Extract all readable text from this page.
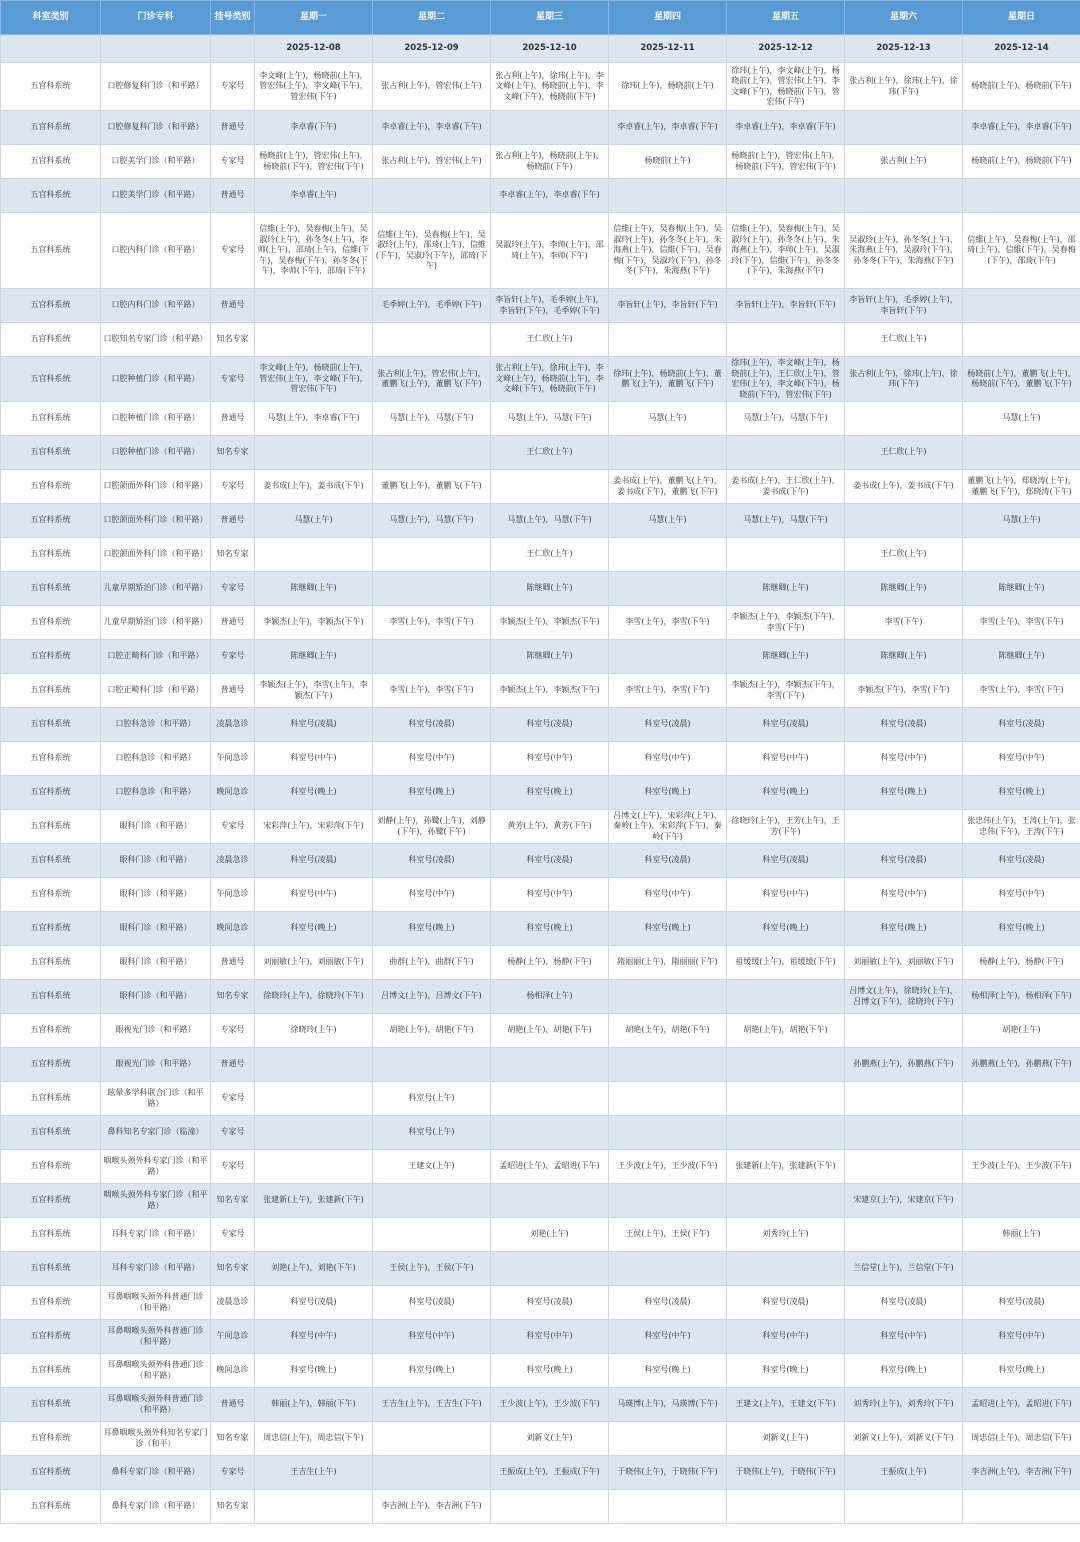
科室类别	门诊专科	挂号类别	星期一	星期二	星期三	星期四	星期五	星期六	星期日
			2025-12-08	2025-12-09	2025-12-10	2025-12-11	2025-12-12	2025-12-13	2025-12-14
五官科系统	口腔修复科门诊（和平路）	专家号	李文峰(上午)，杨晓前(上午)，管宏伟(上午)，李文峰(下午)，管宏伟(下午)	张占利(上午)，管宏伟(上午)	张占利(上午)，徐玮(上午)，李文峰(上午)，杨晓前(上午)，李文峰(下午)，杨晓前(下午)	徐玮(上午)，杨晓前(上午)	徐玮(上午)，李文峰(上午)，杨晓前(上午)，管宏伟(上午)，李文峰(下午)，杨晓前(下午)，管宏伟(下午)	张占利(上午)，徐玮(上午)，徐玮(下午)	杨晓前(上午)，杨晓前(下午)
五官科系统	口腔修复科门诊（和平路）	普通号	李卓睿(下午)	李卓睿(上午)，李卓睿(下午)		李卓睿(上午)，李卓睿(下午)	李卓睿(上午)，李卓睿(下午)		李卓睿(上午)，李卓睿(下午)
五官科系统	口腔美学门诊（和平路）	专家号	杨晓前(上午)，管宏伟(上午)，杨晓前(下午)，管宏伟(下午)	张占利(上午)，管宏伟(上午)	张占利(上午)，杨晓前(上午)，杨晓前(下午)	杨晓前(上午)	杨晓前(上午)，管宏伟(上午)，杨晓前(下午)，管宏伟(下午)	张占利(上午)	杨晓前(上午)，杨晓前(下午)
五官科系统	口腔美学门诊（和平路）	普通号	李卓睿(上午)		李卓睿(上午)，李卓睿(下午)				
五官科系统	口腔内科门诊（和平路）	专家号	信維(上午)，吴春梅(上午)，吴淑玲(上午)，孙冬冬(上午)，李帅(上午)，邵琦(上午)，信維(下午)，吴春梅(下午)，孙冬冬(下午)，李帅(下午)，邵琦(下午)	信維(上午)，吴春梅(上午)，吴淑玲(上午)，邵琦(上午)，信維(下午)，吴淑玲(下午)，邵琦(下午)	吴淑玲(上午)，李帅(上午)，邵琦(上午)，李帅(下午)	信維(上午)，吴春梅(上午)，吴淑玲(上午)，孙冬冬(上午)，朱海燕(上午)，信維(下午)，吴春梅(下午)，吴淑玲(下午)，孙冬冬(下午)，朱海燕(下午)	信維(上午)，吴春梅(上午)，吴淑玲(上午)，孙冬冬(上午)，朱海燕(上午)，李帅(上午)，吴淑玲(下午)，信維(下午)，孙冬冬(下午)，朱海燕(下午)	吴淑玲(上午)，孙冬冬(上午)，朱海燕(上午)，吴淑玲(下午)，孙冬冬(下午)，朱海燕(下午)	信維(上午)，吴春梅(上午)，邵琦(上午)，信維(下午)，吴春梅(下午)，邵琦(下午)
五官科系统	口腔内科门诊（和平路）	普通号		毛季婷(上午)，毛季婷(下午)	李旨轩(上午)，毛季婷(上午)，李旨轩(下午)，毛季婷(下午)	李旨轩(上午)，李旨轩(下午)	李旨轩(上午)，李旨轩(下午)	李旨轩(上午)，毛季婷(上午)，李旨轩(下午)	
五官科系统	口腔知名专家门诊（和平路）	知名专家			王仁欣(上午)			王仁欣(上午)	
五官科系统	口腔种植门诊（和平路）	专家号	李文峰(上午)，杨晓前(上午)，管宏伟(上午)，李文峰(下午)，管宏伟(下午)	张占利(上午)，管宏伟(上午)，董鹏飞(上午)，董鹏飞(下午)	张占利(上午)，徐玮(上午)，李文峰(上午)，杨晓前(上午)，李文峰(下午)，杨晓前(下午)	徐玮(上午)，杨晓前(上午)，董鹏飞(上午)，董鹏飞(下午)	徐玮(上午)，李文峰(上午)，杨晓前(上午)，王仁欣(上午)，管宏伟(上午)，李文峰(下午)，杨晓前(下午)，管宏伟(下午)	张占利(上午)，徐玮(上午)，徐玮(下午)	杨晓前(上午)，董鹏飞(上午)，杨晓前(下午)，董鹏飞(下午)
五官科系统	口腔种植门诊（和平路）	普通号	马慧(上午)，李卓睿(下午)	马慧(上午)，马慧(下午)	马慧(上午)，马慧(下午)	马慧(上午)	马慧(上午)，马慧(下午)		马慧(上午)
五官科系统	口腔种植门诊（和平路）	知名专家			王仁欣(上午)			王仁欣(上午)	
五官科系统	口腔颌面外科门诊（和平路）	专家号	姜书成(上午)，姜书成(下午)	董鹏飞(上午)，董鹏飞(下午)		姜书成(上午)，董鹏飞(上午)，姜书成(下午)，董鹏飞(下午)	姜书成(上午)，王仁欣(上午)，姜书成(下午)	姜书成(上午)，姜书成(下午)	董鹏飞(上午)，郑晓涛(上午)，董鹏飞(下午)，郑晓涛(下午)
五官科系统	口腔颌面外科门诊（和平路）	普通号	马慧(上午)	马慧(上午)，马慧(下午)	马慧(上午)，马慧(下午)	马慧(上午)	马慧(上午)，马慧(下午)		马慧(上午)
五官科系统	口腔颌面外科门诊（和平路）	知名专家			王仁欣(上午)			王仁欣(上午)	
五官科系统	儿童早期矫治门诊（和平路）	专家号	陈继卿(上午)		陈继卿(上午)		陈继卿(上午)	陈继卿(上午)	陈继卿(上午)
五官科系统	儿童早期矫治门诊（和平路）	普通号	李颖杰(上午)，李颖杰(下午)	李雪(上午)，李雪(下午)	李颖杰(上午)，李颖杰(下午)	李雪(上午)，李雪(下午)	李颖杰(上午)，李颖杰(下午)，李雪(下午)	李雪(下午)	李雪(上午)，李雪(下午)
五官科系统	口腔正畸科门诊（和平路）	专家号	陈继卿(上午)		陈继卿(上午)		陈继卿(上午)	陈继卿(上午)	陈继卿(上午)
五官科系统	口腔正畸科门诊（和平路）	普通号	李颖杰(上午)，李雪(上午)，李颖杰(下午)	李雪(上午)，李雪(下午)	李颖杰(上午)，李颖杰(下午)	李雪(上午)，李雪(下午)	李颖杰(上午)，李颖杰(下午)，李雪(下午)	李颖杰(下午)，李雪(下午)	李雪(上午)，李雪(下午)
五官科系统	口腔科急诊（和平路）	凌晨急诊	科室号(凌晨)	科室号(凌晨)	科室号(凌晨)	科室号(凌晨)	科室号(凌晨)	科室号(凌晨)	科室号(凌晨)
五官科系统	口腔科急诊（和平路）	午间急诊	科室号(中午)	科室号(中午)	科室号(中午)	科室号(中午)	科室号(中午)	科室号(中午)	科室号(中午)
五官科系统	口腔科急诊（和平路）	晚间急诊	科室号(晚上)	科室号(晚上)	科室号(晚上)	科室号(晚上)	科室号(晚上)	科室号(晚上)	科室号(晚上)
五官科系统	眼科门诊（和平路）	专家号	宋彩萍(上午)，宋彩萍(下午)	刘静(上午)，孙鹭(上午)，刘静(下午)，孙鹭(下午)	黄芳(上午)，黄芳(下午)	吕博文(上午)，宋彩萍(上午)，秦岭(上午)，宋彩萍(下午)，秦岭(下午)	徐晓玲(上午)，王芳(上午)，王芳(下午)		张忠伟(上午)，王涛(上午)，张忠伟(下午)，王涛(下午)
五官科系统	眼科门诊（和平路）	凌晨急诊	科室号(凌晨)	科室号(凌晨)	科室号(凌晨)	科室号(凌晨)	科室号(凌晨)	科室号(凌晨)	科室号(凌晨)
五官科系统	眼科门诊（和平路）	午间急诊	科室号(中午)	科室号(中午)	科室号(中午)	科室号(中午)	科室号(中午)	科室号(中午)	科室号(中午)
五官科系统	眼科门诊（和平路）	晚间急诊	科室号(晚上)	科室号(晚上)	科室号(晚上)	科室号(晚上)	科室号(晚上)	科室号(晚上)	科室号(晚上)
五官科系统	眼科门诊（和平路）	普通号	刘丽敏(上午)，刘丽敏(下午)	曲群(上午)，曲群(下午)	杨静(上午)，杨静(下午)	隋丽丽(上午)，隋丽丽(下午)	祖缓缓(上午)，祖缓缓(下午)	刘丽敏(上午)，刘丽敏(下午)	杨静(上午)，杨静(下午)
五官科系统	眼科门诊（和平路）	知名专家	徐晓玲(上午)，徐晓玲(下午)	吕博文(上午)，吕博文(下午)	杨相泽(上午)			吕博文(上午)，徐晓玲(上午)，吕博文(下午)，徐晓玲(下午)	杨相泽(上午)，杨相泽(下午)
五官科系统	眼视光门诊（和平路）	专家号	徐晓玲(上午)	胡艳(上午)，胡艳(下午)	胡艳(上午)，胡艳(下午)	胡艳(上午)，胡艳(下午)	胡艳(上午)，胡艳(下午)		胡艳(上午)
五官科系统	眼视光门诊（和平路）	普通号						孙鹏燕(上午)，孙鹏燕(下午)	孙鹏燕(上午)，孙鹏燕(下午)
五官科系统	眩晕多学科联合门诊（和平路）	专家号		科室号(上午)					
五官科系统	鼻科知名专家门诊（临潼）	专家号		科室号(上午)					
五官科系统	咽喉头颈外科专家门诊（和平路）	专家号		王建文(上午)	孟昭进(上午)，孟昭进(下午)	王少波(上午)，王少波(下午)	张建新(上午)，张建新(下午)		王少波(上午)，王少波(下午)
五官科系统	咽喉头颈外科专家门诊（和平路）	知名专家	张建新(上午)，张建新(下午)					宋建京(上午)，宋建京(下午)	
五官科系统	耳科专家门诊（和平路）	专家号			刘艳(上午)	王侯(上午)，王侯(下午)	刘秀玲(上午)		韩丽(上午)
五官科系统	耳科专家门诊（和平路）	知名专家	刘艳(上午)，刘艳(下午)	王侯(上午)，王侯(下午)				兰信堂(上午)，兰信堂(下午)	
五官科系统	耳鼻咽喉头颈外科普通门诊（和平路）	凌晨急诊	科室号(凌晨)	科室号(凌晨)	科室号(凌晨)	科室号(凌晨)	科室号(凌晨)	科室号(凌晨)	科室号(凌晨)
五官科系统	耳鼻咽喉头颈外科普通门诊（和平路）	午间急诊	科室号(中午)	科室号(中午)	科室号(中午)	科室号(中午)	科室号(中午)	科室号(中午)	科室号(中午)
五官科系统	耳鼻咽喉头颈外科普通门诊（和平路）	晚间急诊	科室号(晚上)	科室号(晚上)	科室号(晚上)	科室号(晚上)	科室号(晚上)	科室号(晚上)	科室号(晚上)
五官科系统	耳鼻咽喉头颈外科普通门诊（和平路）	普通号	韩丽(上午)，韩丽(下午)	王吉生(上午)，王吉生(下午)	王少波(上午)，王少波(下午)	马瑛博(上午)，马瑛博(下午)	王建文(上午)，王建文(下午)	刘秀玲(上午)，刘秀玲(下午)	孟昭进(上午)，孟昭进(下午)
五官科系统	耳鼻咽喉头颈外科知名专家门诊（和平）	知名专家	周忠信(上午)，周忠信(下午)		刘新义(上午)		刘新义(上午)	刘新义(上午)，刘新义(下午)	周忠信(上午)，周忠信(下午)
五官科系统	鼻科专家门诊（和平路）	专家号	王吉生(上午)		王振成(上午)，王振成(下午)	于晓伟(上午)，于晓伟(下午)	于晓伟(上午)，于晓伟(下午)	王振成(上午)	李吉洲(上午)，李吉洲(下午)
五官科系统	鼻科专家门诊（和平路）	知名专家		李吉洲(上午)，李吉洲(下午)					
